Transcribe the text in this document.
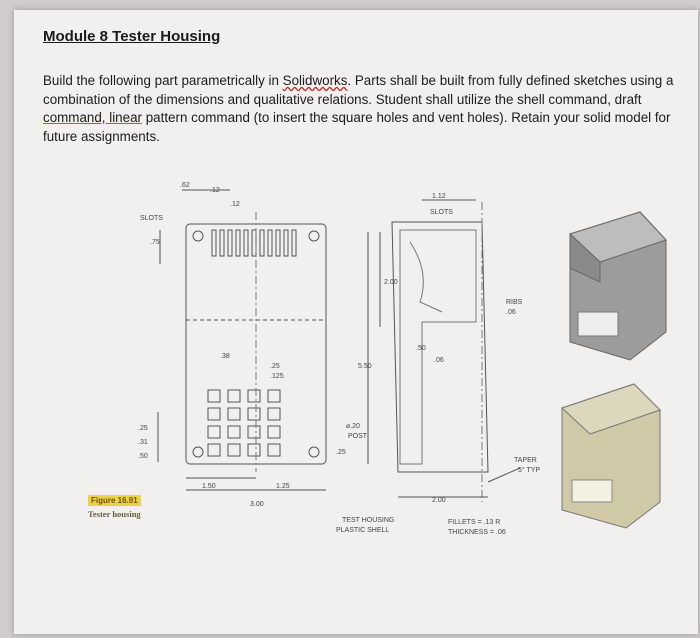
Module 8 Tester Housing
Build the following part parametrically in Solidworks. Parts shall be built from fully defined sketches using a combination of the dimensions and qualitative relations. Student shall utilize the shell command, draft command, linear pattern command (to insert the square holes and vent holes). Retain your solid model for future assignments.
SLOTS
.62
.12
.12
.75
.38
.25
.125
.25
.31
.50
1.50	1.25
3.00
1.12
SLOTS
2.00
5.50
.50
.06
⌀.20
POST
.25
RIBS
.06
TAPER
5° TYP
2.00
TEST HOUSING
PLASTIC SHELL
FILLETS = .13 R
THICKNESS = .06
Figure 16.91
Tester housing
